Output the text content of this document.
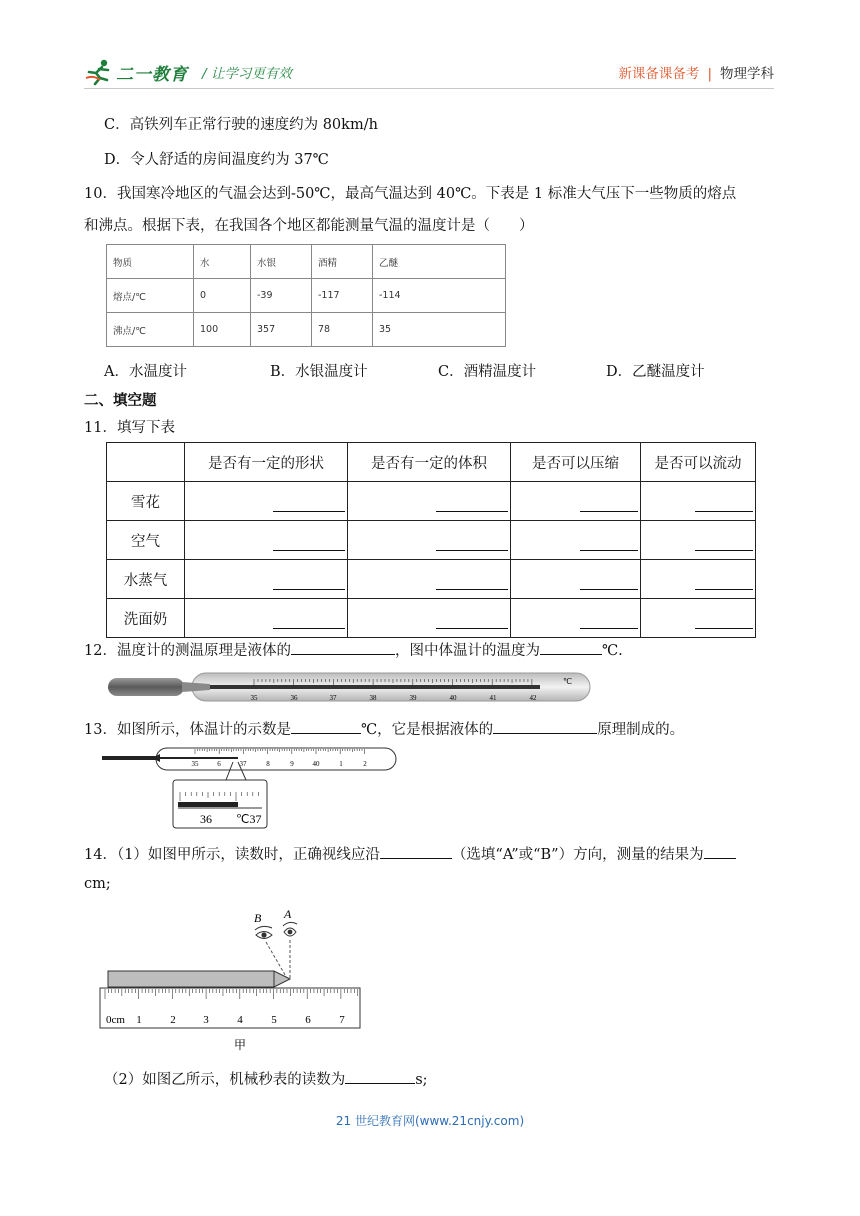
二一教育 / 让学习更有效	新课备课备考 | 物理学科
C．高铁列车正常行驶的速度约为 80km/h
D．令人舒适的房间温度约为 37℃
10．我国寒冷地区的气温会达到-50℃，最高气温达到 40℃。下表是 1 标准大气压下一些物质的熔点
和沸点。根据下表，在我国各个地区都能测量气温的温度计是（　　）
物质	水	水银	酒精	乙醚
熔点/℃	0	-39	-117	-114
沸点/℃	100	357	78	35
A．水温度计	B．水银温度计	C．酒精温度计	D．乙醚温度计
二、填空题
11．填写下表
	是否有一定的形状	是否有一定的体积	是否可以压缩	是否可以流动
雪花	

空气	

水蒸气	

洗面奶	

12．温度计的测温原理是液体的	，图中体温计的温度为	℃.
35	36	37	38	39	40	41	42
℃
13．如图所示，体温计的示数是	℃，它是根据液体的	原理制成的。
35	6	37	8	9	40	1	2
36 ℃37
14．（1）如图甲所示，读数时，正确视线应沿	（选填“A”或“B”）方向，测量的结果为
cm;
B A
0cm 1	2	3	4	5	6	7
甲
（2）如图乙所示，机械秒表的读数为	s;
21 世纪教育网(www.21cnjy.com)
